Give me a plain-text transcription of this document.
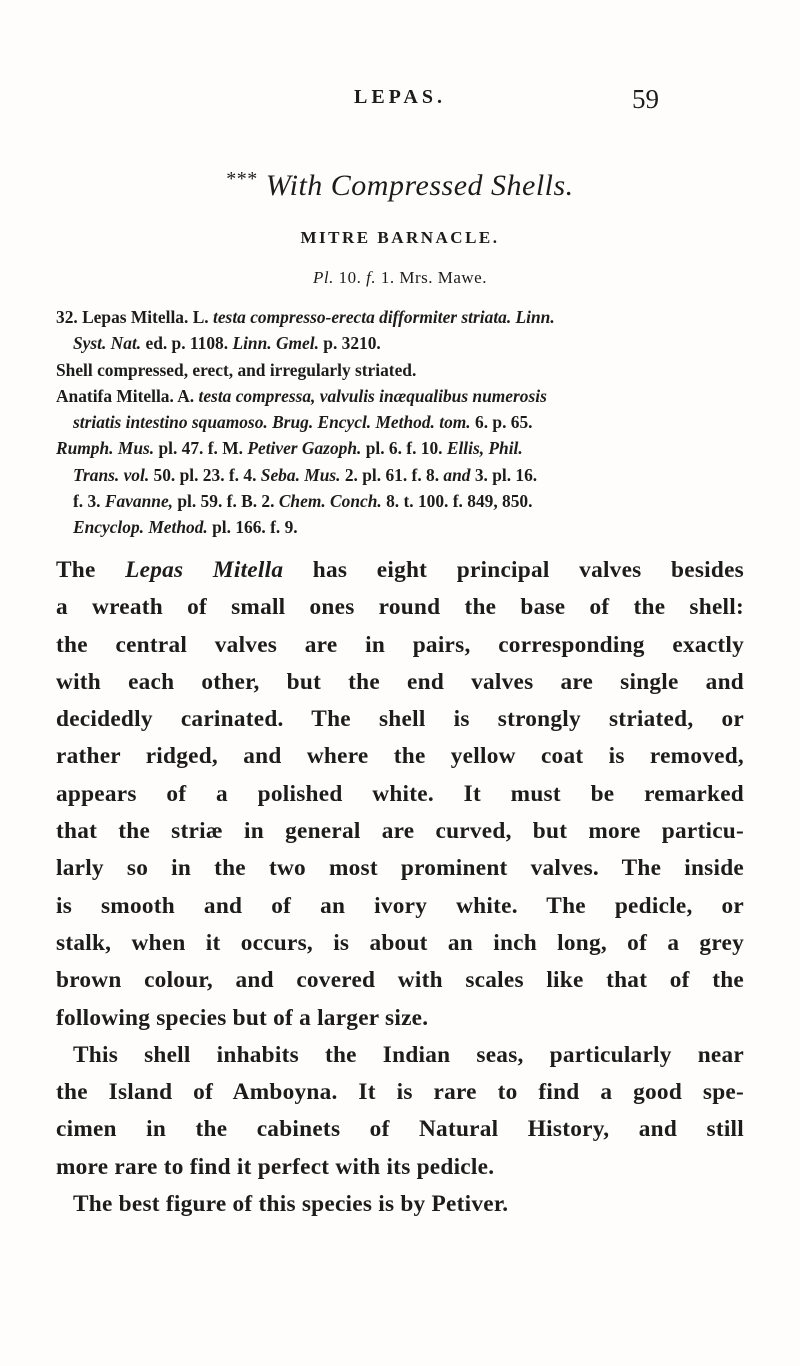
LEPAS.	59
*** With Compressed Shells.
MITRE BARNACLE.
Pl. 10. f. 1. Mrs. Mawe.
32. Lepas Mitella. L. testa compresso-erecta difformiter striata. Linn.
Syst. Nat. ed. p. 1108. Linn. Gmel. p. 3210.
Shell compressed, erect, and irregularly striated.
Anatifa Mitella. A. testa compressa, valvulis inæqualibus numerosis
striatis intestino squamoso. Brug. Encycl. Method. tom. 6. p. 65.
Rumph. Mus. pl. 47. f. M. Petiver Gazoph. pl. 6. f. 10. Ellis, Phil.
Trans. vol. 50. pl. 23. f. 4. Seba. Mus. 2. pl. 61. f. 8. and 3. pl. 16.
f. 3. Favanne, pl. 59. f. B. 2. Chem. Conch. 8. t. 100. f. 849, 850.
Encyclop. Method. pl. 166. f. 9.
The Lepas Mitella has eight principal valves besides
a wreath of small ones round the base of the shell:
the central valves are in pairs, corresponding exactly
with each other, but the end valves are single and
decidedly carinated. The shell is strongly striated, or
rather ridged, and where the yellow coat is removed,
appears of a polished white. It must be remarked
that the striæ in general are curved, but more particu-
larly so in the two most prominent valves. The inside
is smooth and of an ivory white. The pedicle, or
stalk, when it occurs, is about an inch long, of a grey
brown colour, and covered with scales like that of the
following species but of a larger size.
This shell inhabits the Indian seas, particularly near
the Island of Amboyna. It is rare to find a good spe-
cimen in the cabinets of Natural History, and still
more rare to find it perfect with its pedicle.
The best figure of this species is by Petiver.
